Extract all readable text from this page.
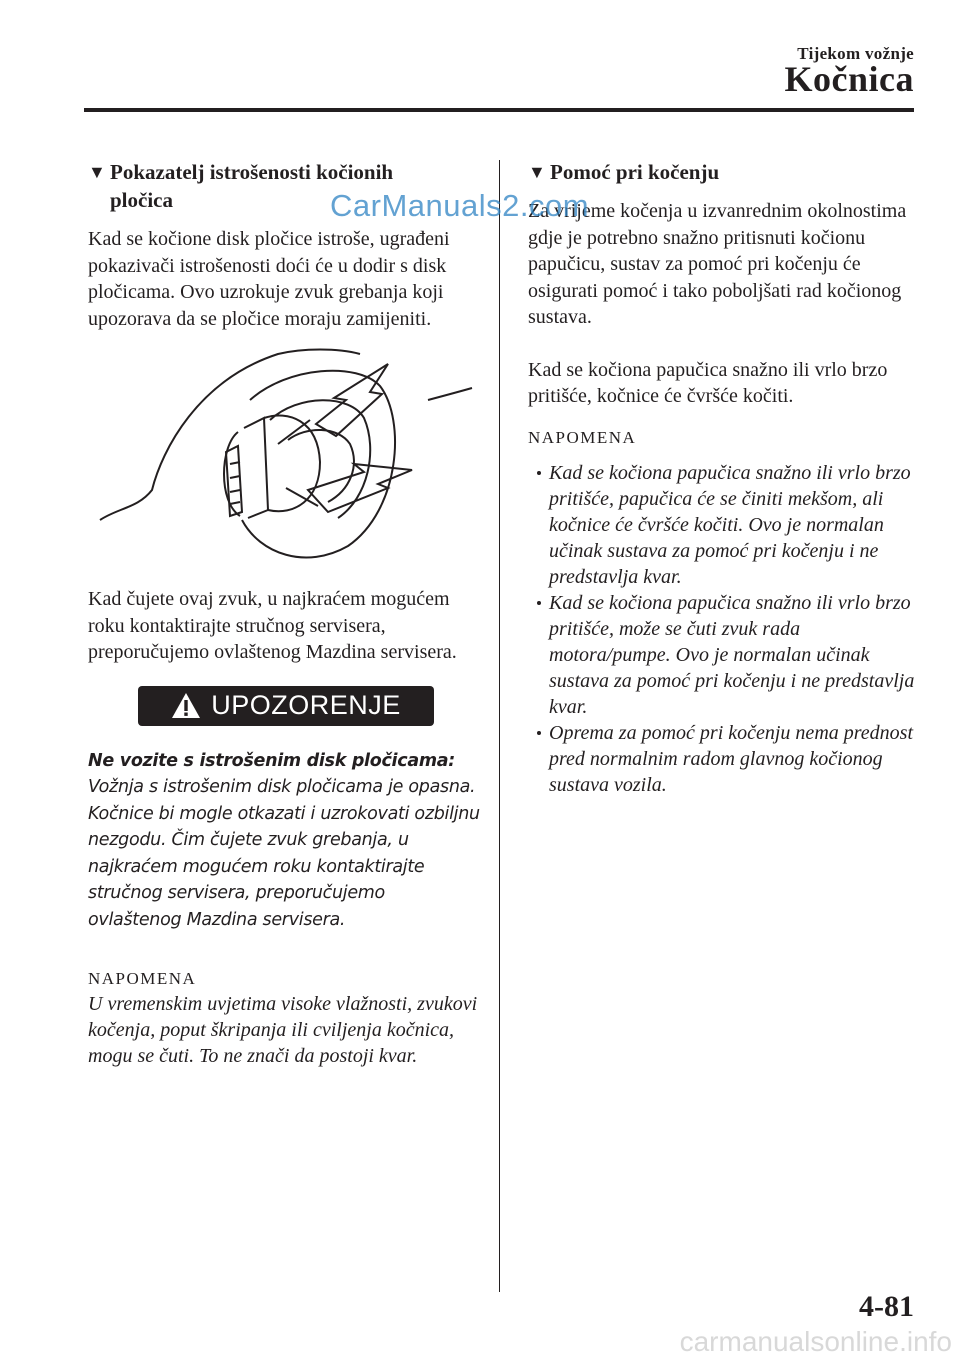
Tijekom vožnje
Kočnica
▼ Pokazatelj istrošenosti kočionih
pločica

Kad se kočione disk pločice istroše, ugrađeni pokazivači istrošenosti doći će u dodir s disk pločicama. Ovo uzrokuje zvuk grebanja koji upozorava da se pločice moraju zamijeniti.

Kad čujete ovaj zvuk, u najkraćem mogućem roku kontaktirajte stručnog servisera, preporučujemo ovlaštenog Mazdina servisera.

UPOZORENJE

Ne vozite s istrošenim disk pločicama:

Vožnja s istrošenim disk pločicama je opasna. Kočnice bi mogle otkazati i uzrokovati ozbiljnu nezgodu. Čim čujete zvuk grebanja, u najkraćem mogućem roku kontaktirajte stručnog servisera, preporučujemo ovlaštenog Mazdina servisera.

NAPOMENA

U vremenskim uvjetima visoke vlažnosti, zvukovi kočenja, poput škripanja ili cviljenja kočnica, mogu se čuti. To ne znači da postoji kvar.

▼ Pomoć pri kočenju

Za vrijeme kočenja u izvanrednim okolnostima gdje je potrebno snažno pritisnuti kočionu papučicu, sustav za pomoć pri kočenju će osigurati pomoć i tako poboljšati rad kočionog sustava.

Kad se kočiona papučica snažno ili vrlo brzo pritišće, kočnice će čvršće kočiti.

NAPOMENA

Kad se kočiona papučica snažno ili vrlo brzo pritišće, papučica će se činiti mekšom, ali kočnice će čvršće kočiti. Ovo je normalan učinak sustava za pomoć pri kočenju i ne predstavlja kvar.
Kad se kočiona papučica snažno ili vrlo brzo pritišće, može se čuti zvuk rada motora/pumpe. Ovo je normalan učinak sustava za pomoć pri kočenju i ne predstavlja kvar.
Oprema za pomoć pri kočenju nema prednost pred normalnim radom glavnog kočionog sustava vozila.
CarManuals2.com
4-81
carmanualsonline.info
